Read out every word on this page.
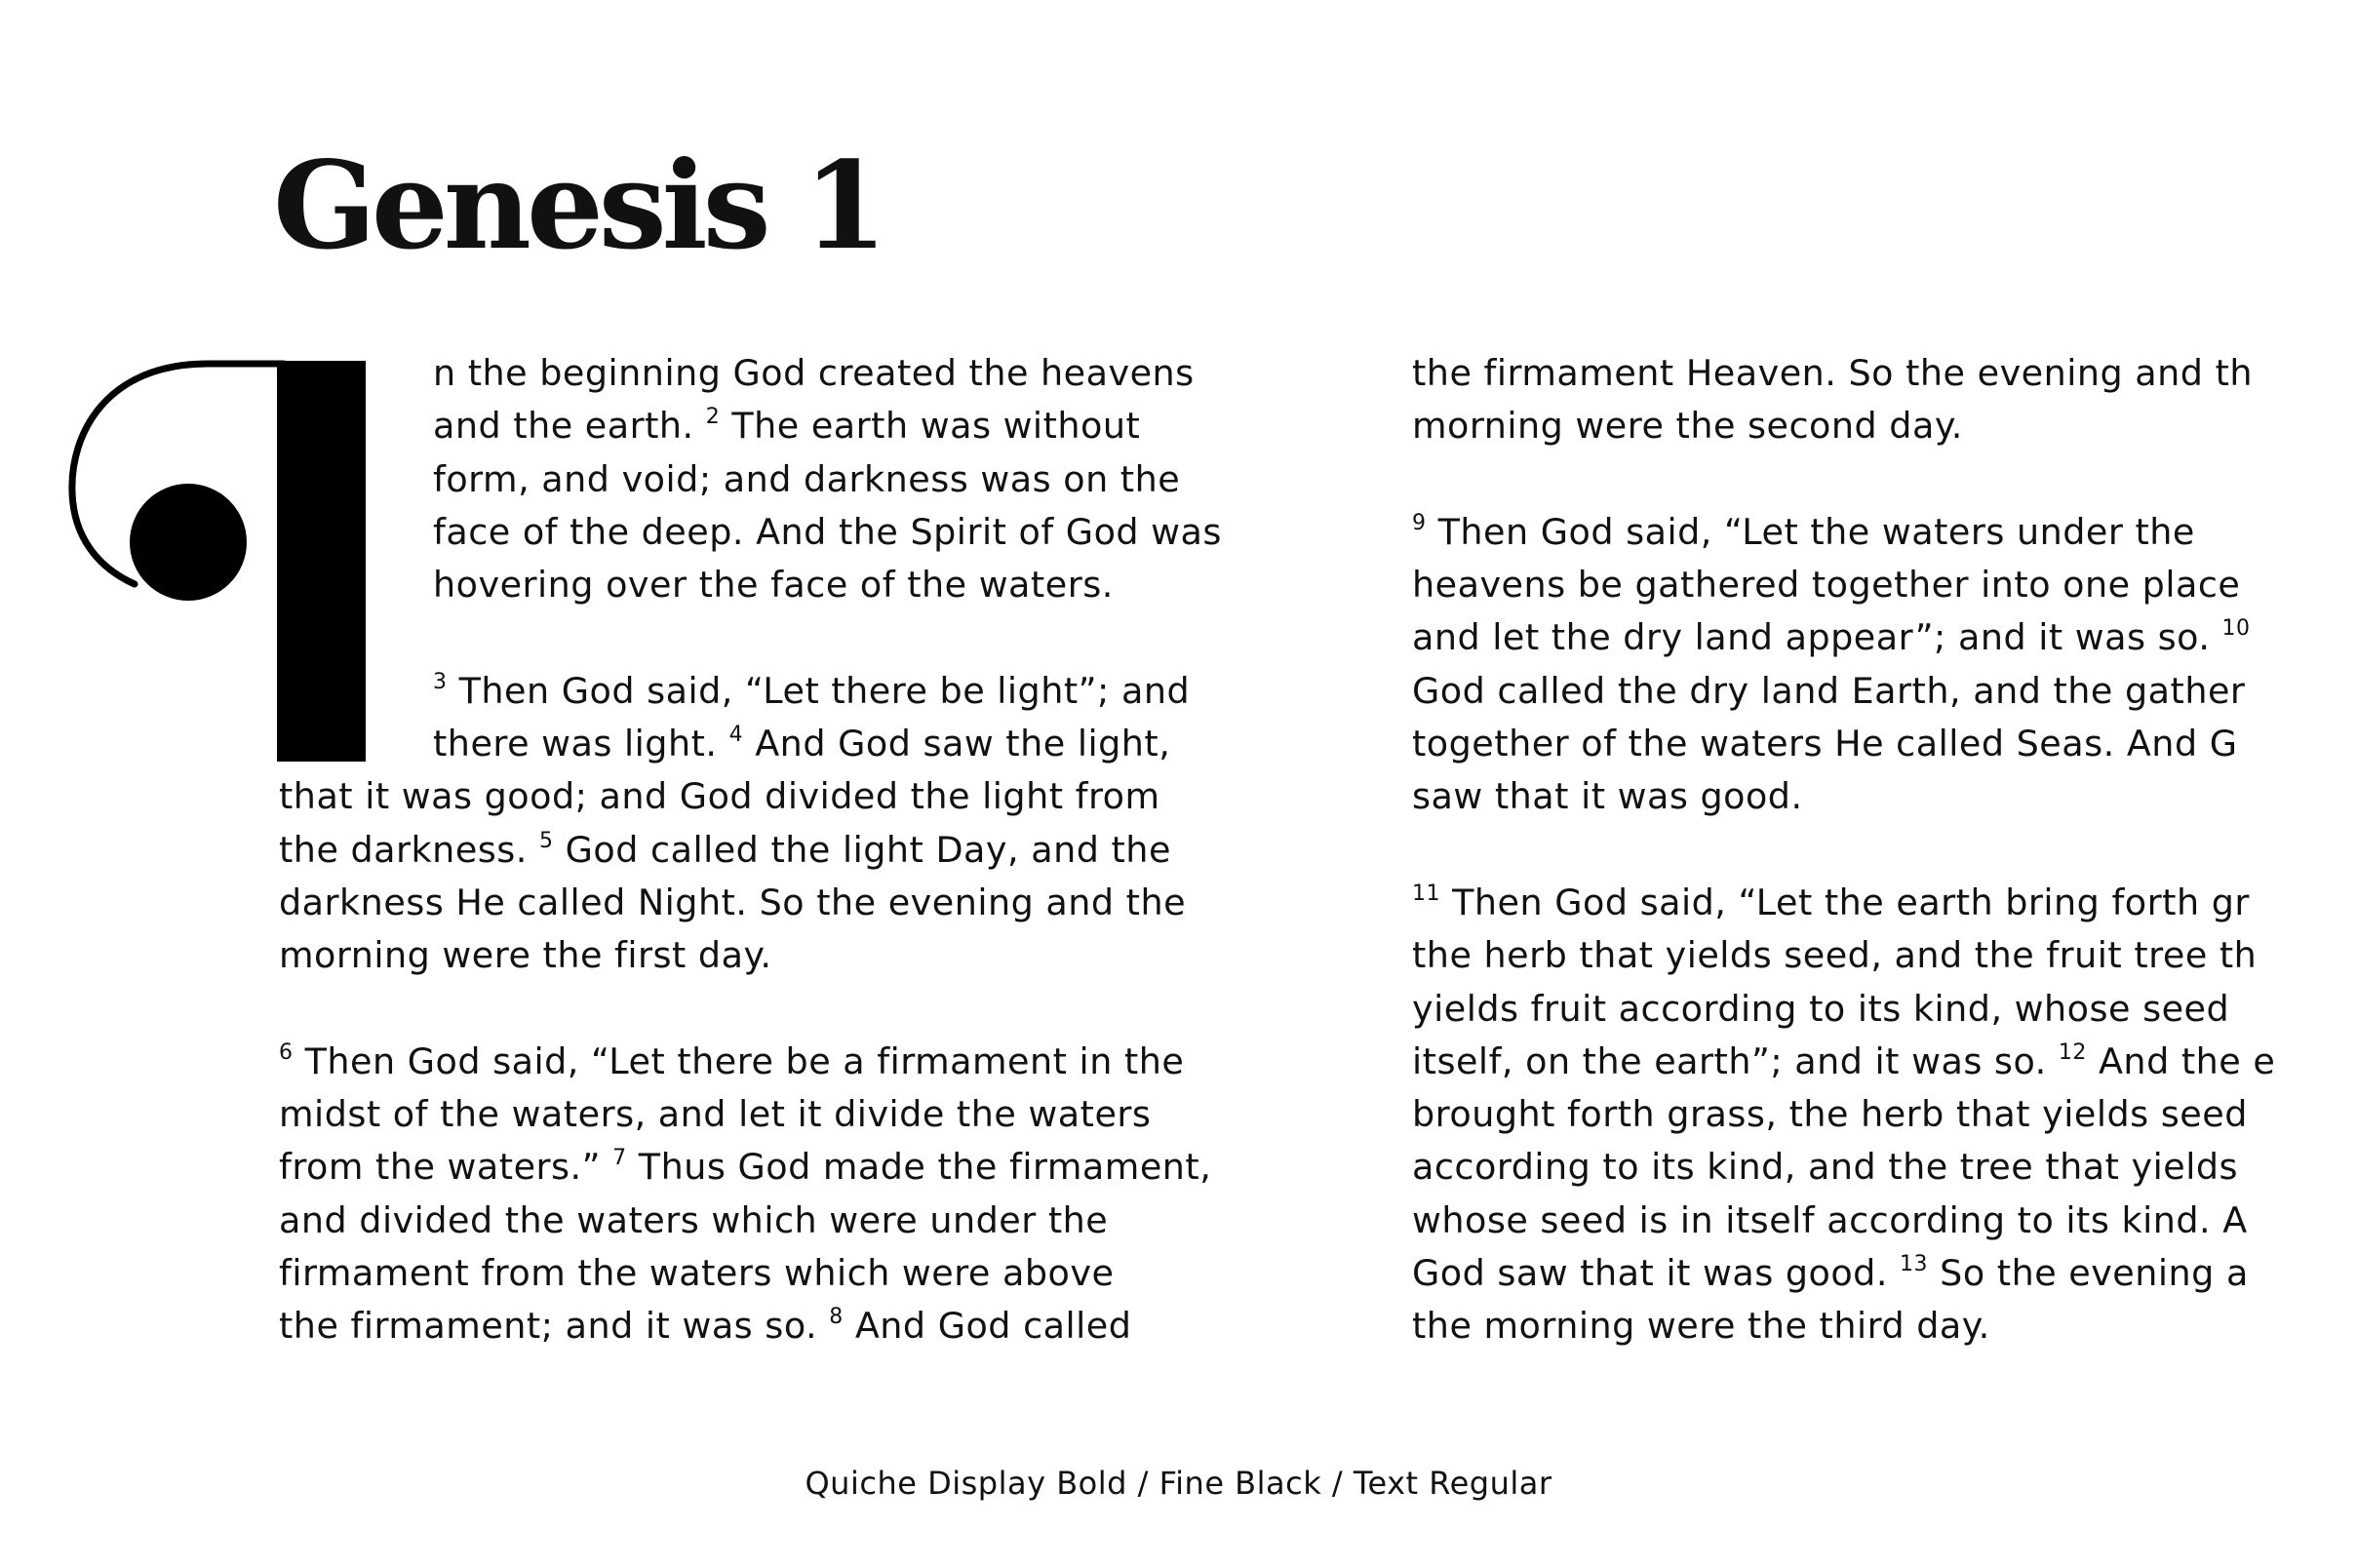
Genesis 1
n the beginning God created the heavens
and the earth. $^2$ The earth was without
form, and void; and darkness was on the
face of the deep. And the Spirit of God was
hovering over the face of the waters.
$^3$ Then God said, “Let there be light”; and
there was light. $^4$ And God saw the light,
that it was good; and God divided the light from
the darkness. $^5$ God called the light Day, and the
darkness He called Night. So the evening and the
morning were the first day.
$^6$ Then God said, “Let there be a firmament in the
midst of the waters, and let it divide the waters
from the waters.” $^7$ Thus God made the firmament,
and divided the waters which were under the
firmament from the waters which were above
the firmament; and it was so. $^8$ And God called
the firmament Heaven. So the evening and th
morning were the second day.
$^9$ Then God said, “Let the waters under the
heavens be gathered together into one place
and let the dry land appear”; and it was so. $^{10}$
God called the dry land Earth, and the gather
together of the waters He called Seas. And G
saw that it was good.
$^{11}$ Then God said, “Let the earth bring forth gr
the herb that yields seed, and the fruit tree th
yields fruit according to its kind, whose seed
itself, on the earth”; and it was so. $^{12}$ And the e
brought forth grass, the herb that yields seed
according to its kind, and the tree that yields
whose seed is in itself according to its kind. A
God saw that it was good. $^{13}$ So the evening a
the morning were the third day.
Quiche Display Bold / Fine Black / Text Regular
